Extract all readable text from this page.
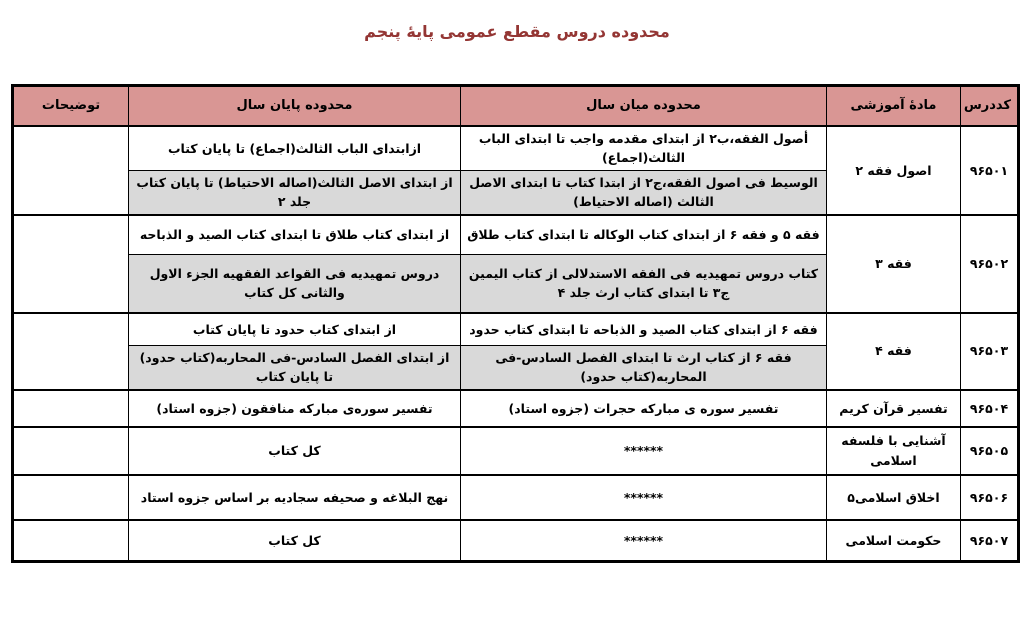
محدوده دروس مقطع عمومی پایهٔ پنجم
کددرس	مادهٔ آموزشی	محدوده میان سال	محدوده پایان سال	توضیحات
۹۶۵۰۱	اصول فقه ۲	أصول الفقه،ب۲ از ابتدای مقدمه واجب تا ابتدای الباب الثالث(اجماع)	ازابتدای الباب الثالث(اجماع) تا پایان کتاب	
		الوسیط فی اصول الفقه،ج۲ از ابتدا کتاب تا ابتدای الاصل الثالث (اصاله الاحتیاط)	از ابتدای الاصل الثالث(اصاله الاحتیاط) تا پایان کتاب جلد ۲	
۹۶۵۰۲	فقه ۳	فقه ۵ و فقه ۶ از ابتدای کتاب الوکاله تا ابتدای کتاب طلاق	از ابتدای کتاب طلاق تا ابتدای کتاب الصید و الذباحه	
		کتاب دروس تمهیدیه فی الفقه الاستدلالی از کتاب الیمین ج۳ تا ابتدای کتاب ارث جلد ۴	دروس تمهیدیه فی القواعد الفقهیه الجزء الاول والثانی کل کتاب	
۹۶۵۰۳	فقه ۴	فقه ۶ از ابتدای کتاب الصید و الذباحه تا ابتدای کتاب حدود	از ابتدای کتاب حدود تا پایان کتاب	
		فقه ۶ از کتاب ارث تا ابتدای الفصل السادس-فی المحاربه(کتاب حدود)	از ابتدای الفصل السادس-فی المحاربه(کتاب حدود) تا پایان کتاب	
۹۶۵۰۴	تفسیر قرآن کریم	تفسیر سوره ی مبارکه حجرات (جزوه استاد)	تفسیر سوره‌ی مبارکه منافقون (جزوه استاد)	
۹۶۵۰۵	آشنایی با فلسفه اسلامی	******	کل کتاب	
۹۶۵۰۶	اخلاق اسلامی۵	******	نهج البلاغه و صحیفه سجادیه بر اساس جزوه استاد	
۹۶۵۰۷	حکومت اسلامی	******	کل کتاب	
